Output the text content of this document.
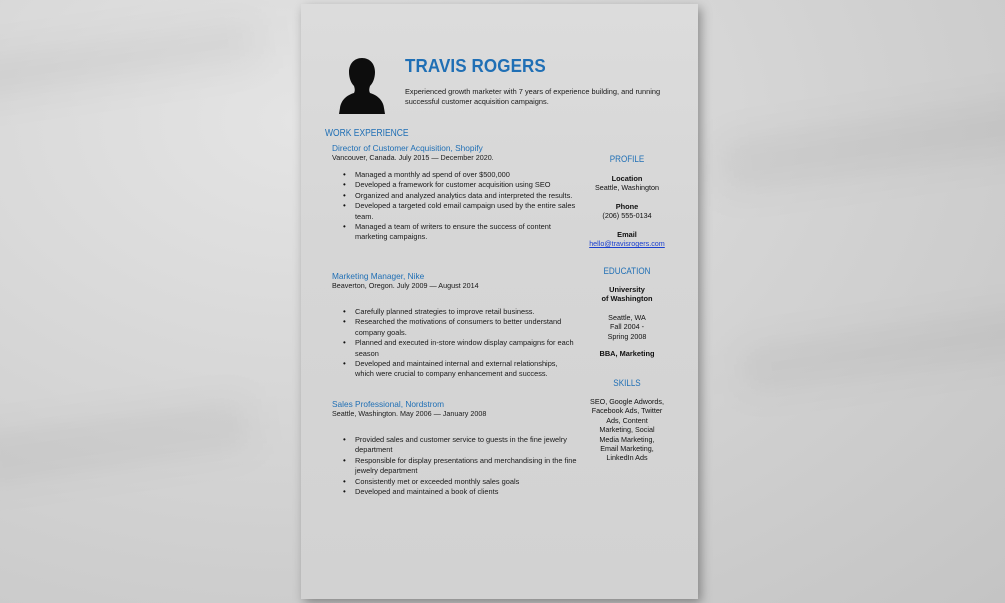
TRAVIS ROGERS
Experienced growth marketer with 7 years of experience building, and running successful customer acquisition campaigns.
WORK EXPERIENCE
Director of Customer Acquisition, Shopify
Vancouver, Canada. July 2015 — December 2020.
• Managed a monthly ad spend of over $500,000
• Developed a framework for customer acquisition using SEO
• Organized and analyzed analytics data and interpreted the results.
• Developed a targeted cold email campaign used by the entire sales team.
• Managed a team of writers to ensure the success of content marketing campaigns.
Marketing Manager, Nike
Beaverton, Oregon. July 2009 — August 2014
• Carefully planned strategies to improve retail business.
• Researched the motivations of consumers to better understand company goals.
• Planned and executed in-store window display campaigns for each season
• Developed and maintained internal and external relationships, which were crucial to company enhancement and success.
Sales Professional, Nordstrom
Seattle, Washington. May 2006 — January 2008
• Provided sales and customer service to guests in the fine jewelry department
• Responsible for display presentations and merchandising in the fine jewelry department
• Consistently met or exceeded monthly sales goals
• Developed and maintained a book of clients
PROFILE
Location
Seattle, Washington
Phone
(206) 555-0134
Email
hello@travisrogers.com
EDUCATION
University
of Washington
Seattle, WA
Fall 2004 -
Spring 2008
BBA, Marketing
SKILLS
SEO, Google Adwords,
Facebook Ads, Twitter
Ads, Content
Marketing, Social
Media Marketing,
Email Marketing,
LinkedIn Ads
